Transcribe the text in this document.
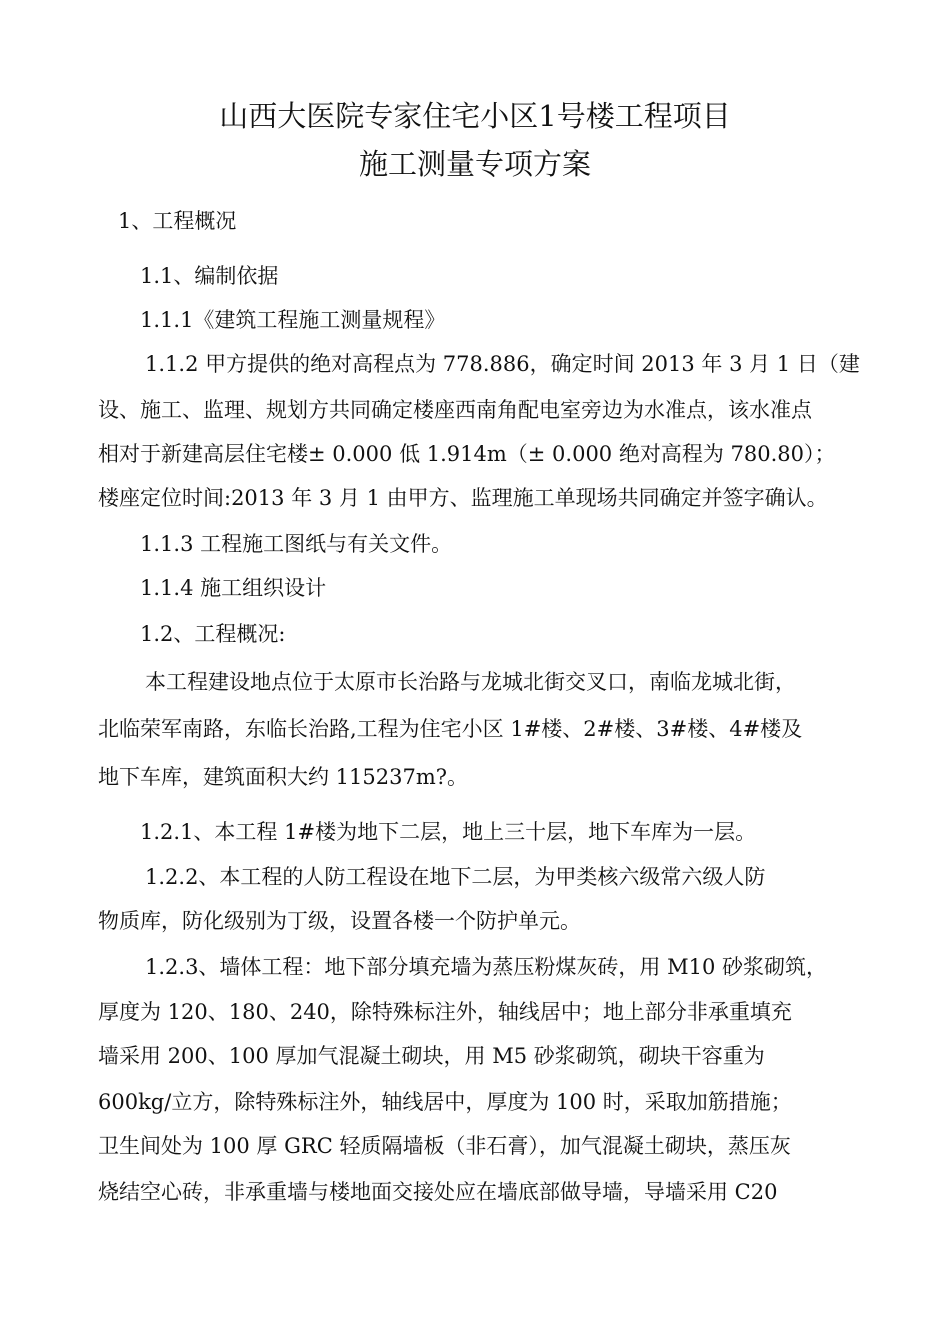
山西大医院专家住宅小区1号楼工程项目
施工测量专项方案
1、工程概况
1.1、编制依据
1.1.1《建筑工程施工测量规程》
1.1.2 甲方提供的绝对高程点为 778.886，确定时间 2013 年 3 月 1 日（建
设、施工、监理、规划方共同确定楼座西南角配电室旁边为水准点，该水准点
相对于新建高层住宅楼± 0.000 低 1.914m（± 0.000 绝对高程为 780.80）；
楼座定位时间:2013 年 3 月 1 由甲方、监理施工单现场共同确定并签字确认。
1.1.3 工程施工图纸与有关文件。
1.1.4 施工组织设计
1.2、工程概况:
本工程建设地点位于太原市长治路与龙城北街交叉口，南临龙城北街，
北临荣军南路，东临长治路,工程为住宅小区 1#楼、2#楼、3#楼、4#楼及
地下车库，建筑面积大约 115237m?。
1.2.1、本工程 1#楼为地下二层，地上三十层，地下车库为一层。
1.2.2、本工程的人防工程设在地下二层，为甲类核六级常六级人防
物质库，防化级别为丁级，设置各楼一个防护单元。
1.2.3、墙体工程：地下部分填充墙为蒸压粉煤灰砖，用 M10 砂浆砌筑，
厚度为 120、180、240，除特殊标注外，轴线居中；地上部分非承重填充
墙采用 200、100 厚加气混凝土砌块，用 M5 砂浆砌筑，砌块干容重为
600kg/立方，除特殊标注外，轴线居中，厚度为 100 时，采取加筋措施；
卫生间处为 100 厚 GRC 轻质隔墙板（非石膏），加气混凝土砌块，蒸压灰
烧结空心砖，非承重墙与楼地面交接处应在墙底部做导墙，导墙采用 C20
